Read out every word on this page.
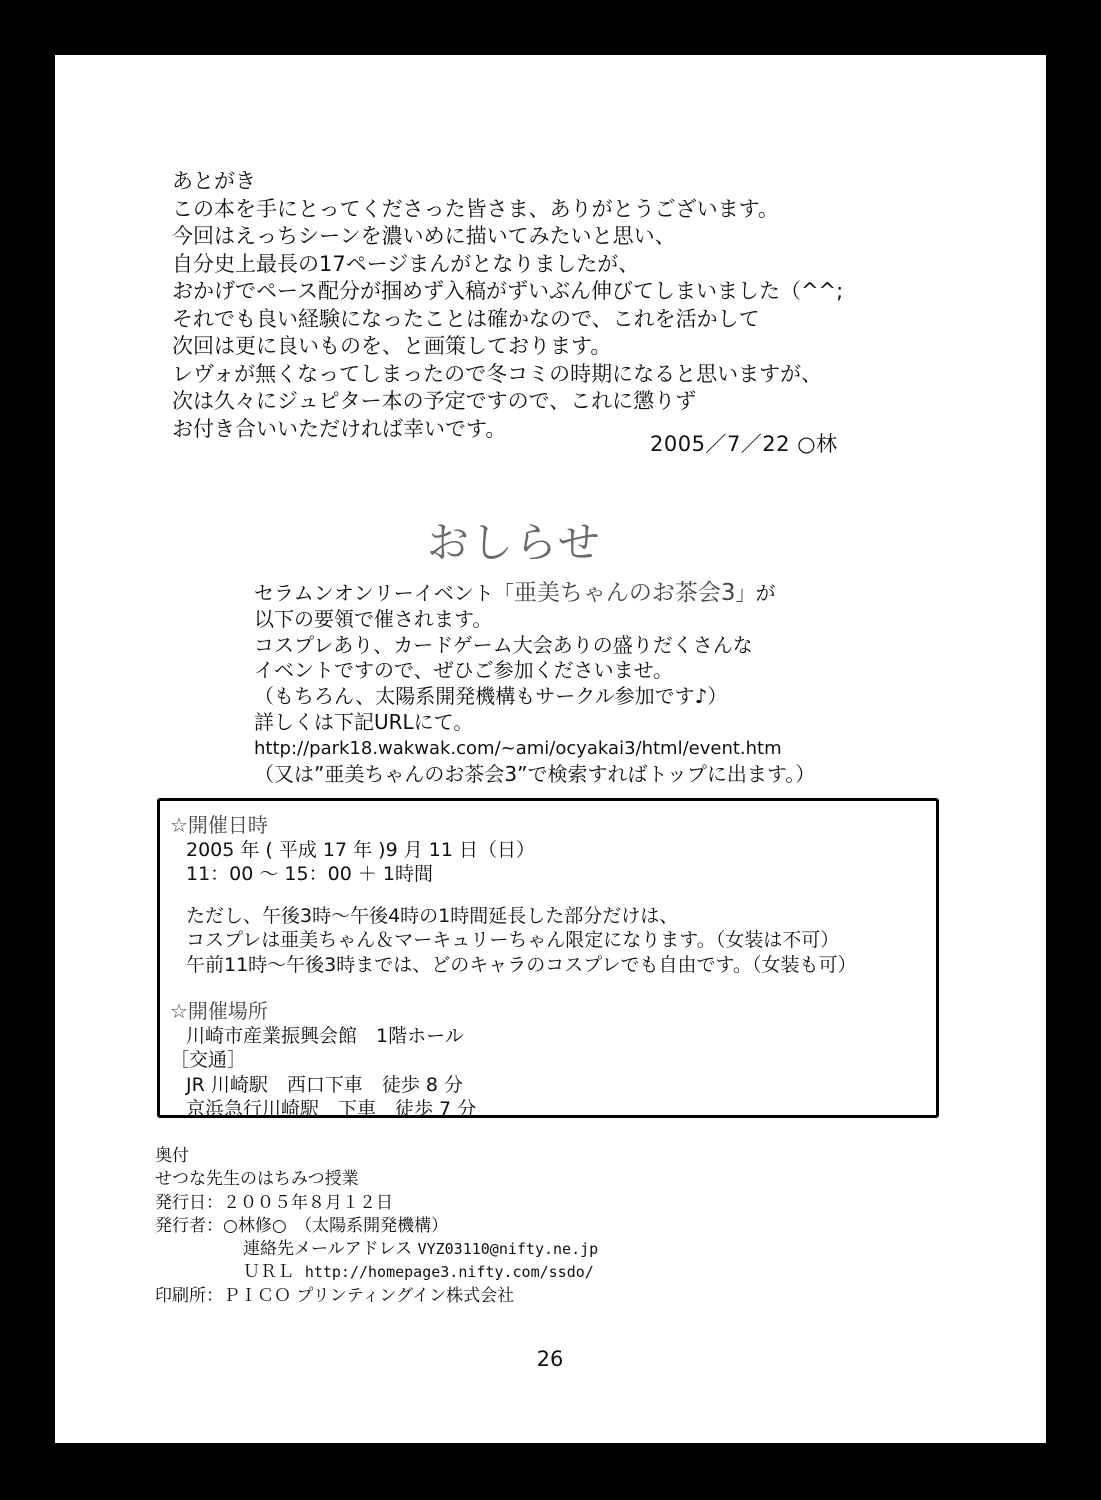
あとがき
この本を手にとってくださった皆さま、ありがとうございます。
今回はえっちシーンを濃いめに描いてみたいと思い、
自分史上最長の17ページまんがとなりましたが、
おかげでペース配分が掴めず入稿がずいぶん伸びてしまいました（^^;
それでも良い経験になったことは確かなので、これを活かして
次回は更に良いものを、と画策しております。
レヴォが無くなってしまったので冬コミの時期になると思いますが、
次は久々にジュピター本の予定ですので、これに懲りず
お付き合いいただければ幸いです。
2005／7／22 ○林
おしらせ
セラムンオンリーイベント「亜美ちゃんのお茶会3」が
以下の要領で催されます。
コスプレあり、カードゲーム大会ありの盛りだくさんな
イベントですので、ぜひご参加くださいませ。
（もちろん、太陽系開発機構もサークル参加です♪）
詳しくは下記URLにて。
http://park18.wakwak.com/~ami/ocyakai3/html/event.htm
（又は”亜美ちゃんのお茶会3”で検索すればトップに出ます。）
☆開催日時
2005 年 ( 平成 17 年 )9 月 11 日（日）
11：00 ～ 15：00 ＋ 1時間
ただし、午後3時～午後4時の1時間延長した部分だけは、
コスプレは亜美ちゃん＆マーキュリーちゃん限定になります。（女装は不可）
午前11時～午後3時までは、どのキャラのコスプレでも自由です。（女装も可）
☆開催場所
川崎市産業振興会館　1階ホール
［交通］
JR 川崎駅　西口下車　徒歩 8 分
京浜急行川崎駅　下車　徒歩 7 分
奥付
せつな先生のはちみつ授業
発行日：２００５年８月１２日
発行者：○林修○　（太陽系開発機構）
連絡先メールアドレス VYZ03110@nifty.ne.jp
ＵＲＬ http://homepage3.nifty.com/ssdo/
印刷所：ＰＩＣＯ プリンティングイン株式会社
26
